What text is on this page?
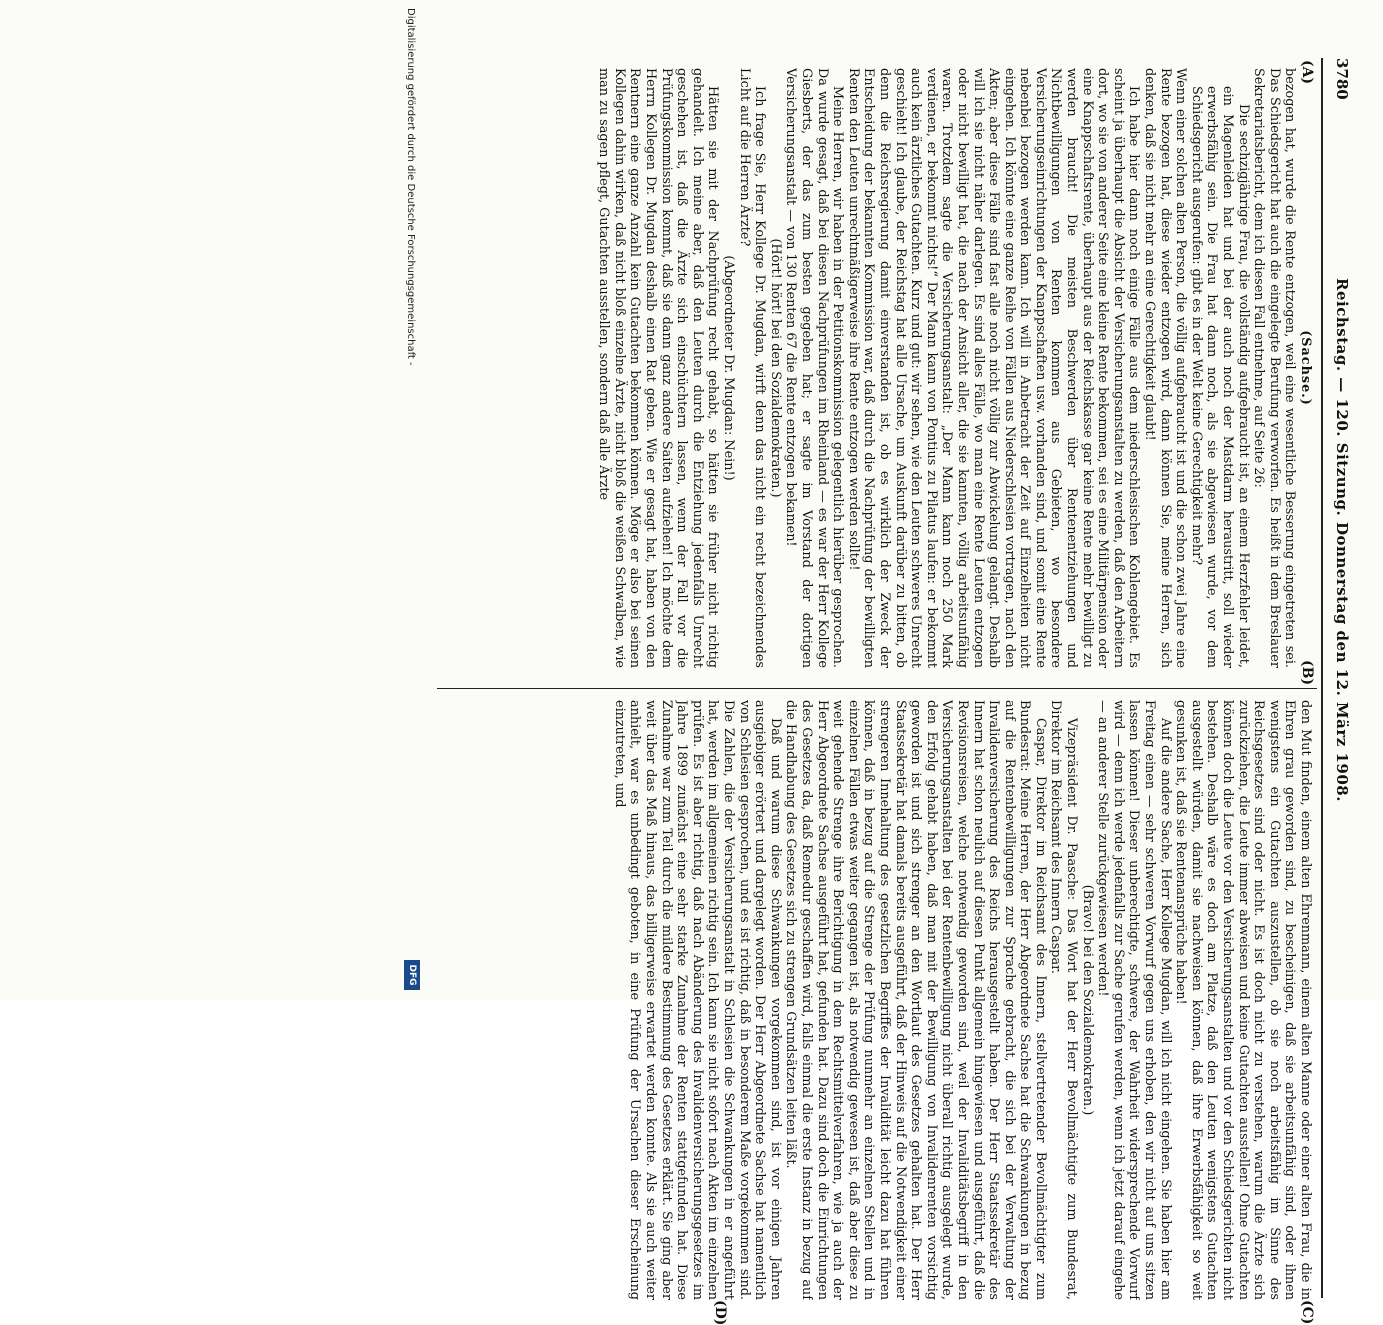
3780
Reichstag. — 120. Sitzung. Donnerstag den 12. März 1908.
(A)
(B)
(C)
(D)

(Sachse.)

bezogen hat, wurde die Rente entzogen, weil eine wesentliche Besserung eingetreten sei. Das Schiedsgericht hat auch die eingelegte Berufung verworfen. Es heißt in dem Breslauer Sekretariatsbericht, dem ich diesen Fall entnehme, auf Seite 26:

Die sechzigjährige Frau, die vollständig aufgebraucht ist, an einem Herzfehler leidet, ein Magenleiden hat und bei der auch noch der Mastdarm heraustritt, soll wieder erwerbsfähig sein. Die Frau hat dann noch, als sie abgewiesen wurde, vor dem Schiedsgericht ausgerufen: gibt es in der Welt keine Gerechtigkeit mehr?

Wenn einer solchen alten Person, die völlig aufgebraucht ist und die schon zwei Jahre eine Rente bezogen hat, diese wieder entzogen wird, dann können Sie, meine Herren, sich denken, daß sie nicht mehr an eine Gerechtigkeit glaubt!

Ich habe hier dann noch einige Fälle aus dem niederschlesischen Kohlengebiet. Es scheint ja überhaupt die Absicht der Versicherungsanstalten zu werden, daß den Arbeitern dort, wo sie von anderer Seite eine kleine Rente bekommen, sei es eine Militärpension oder eine Knappschaftsrente, überhaupt aus der Reichskasse gar keine Rente mehr bewilligt zu werden braucht! Die meisten Beschwerden über Rentenentziehungen und Nichtbewilligungen von Renten kommen aus Gebieten, wo besondere Versicherungseinrichtungen der Knappschaften usw. vorhanden sind, und somit eine Rente nebenbei bezogen werden kann. Ich will in Anbetracht der Zeit auf Einzelheiten nicht eingehen. Ich könnte eine ganze Reihe von Fällen aus Niederschlesien vortragen, nach den Akten; aber diese Fälle sind fast alle noch nicht völlig zur Abwickelung gelangt. Deshalb will ich sie nicht näher darlegen. Es sind alles Fälle, wo man eine Rente Leuten entzogen oder nicht bewilligt hat, die nach der Ansicht aller, die sie kannten, völlig arbeitsunfähig waren. Trotzdem sagte die Versicherungsanstalt: „Der Mann kann noch 250 Mark verdienen, er bekommt nichts!“ Der Mann kann von Pontius zu Pilatus laufen: er bekommt auch kein ärztliches Gutachten. Kurz und gut: wir sehen, wie den Leuten schweres Unrecht geschieht! Ich glaube, der Reichstag hat alle Ursache, um Auskunft darüber zu bitten, ob denn die Reichsregierung damit einverstanden ist, ob es wirklich der Zweck der Entscheidung der bekannten Kommission war, daß durch die Nachprüfung der bewilligten Renten den Leuten unrechtmäßigerweise ihre Rente entzogen werden sollte!

Meine Herren, wir haben in der Petitionskommission gelegentlich hierüber gesprochen. Da wurde gesagt, daß bei diesen Nachprüfungen im Rheinland — es war der Herr Kollege Giesberts, der das zum besten gegeben hat; er sagte im Vorstand der dortigen Versicherungsanstalt — von 130 Renten 67 die Rente entzogen bekamen!

(Hört! hört! bei den Sozialdemokraten.)

Ich frage Sie, Herr Kollege Dr. Mugdan, wirft denn das nicht ein recht bezeichnendes Licht auf die Herren Ärzte?

(Abgeordneter Dr. Mugdan: Nein!)

Hätten sie mit der Nachprüfung recht gehabt, so hätten sie früher nicht richtig gehandelt. Ich meine aber, daß den Leuten durch die Entziehung jedenfalls Unrecht geschehen ist, daß die Ärzte sich einschüchtern lassen, wenn der Fall vor die Prüfungskommission kommt, daß sie dann ganz andere Saiten aufziehen! Ich möchte dem Herrn Kollegen Dr. Mugdan deshalb einen Rat geben. Wie er gesagt hat, haben von den Rentnern eine ganze Anzahl kein Gutachten bekommen können. Möge er also bei seinen Kollegen dahin wirken, daß nicht bloß einzelne Ärzte, nicht bloß die weißen Schwalben, wie man zu sagen pflegt, Gutachten ausstellen, sondern daß alle Ärzte

den Mut finden, einem alten Ehrenmann, einem alten Manne oder einer alten Frau, die in Ehren grau geworden sind, zu bescheinigen, daß sie arbeitsunfähig sind, oder ihnen wenigstens ein Gutachten auszustellen, ob sie noch arbeitsfähig im Sinne des Reichsgesetzes sind oder nicht. Es ist doch nicht zu verstehen, warum die Ärzte sich zurückziehen, die Leute immer abweisen und keine Gutachten ausstellen! Ohne Gutachten können doch die Leute vor den Versicherungsanstalten und vor den Schiedsgerichten nicht bestehen. Deshalb wäre es doch am Platze, daß den Leuten wenigstens Gutachten ausgestellt würden, damit sie nachweisen können, daß ihre Erwerbsfähigkeit so weit gesunken ist, daß sie Rentenansprüche haben!

Auf die andere Sache, Herr Kollege Mugdan, will ich nicht eingehen. Sie haben hier am Freitag einen — sehr schweren Vorwurf gegen uns erhoben, den wir nicht auf uns sitzen lassen können! Dieser unberechtigte, schwere, der Wahrheit widersprechende Vorwurf wird — denn ich werde jedenfalls zur Sache gerufen werden, wenn ich jetzt darauf eingehe — an anderer Stelle zurückgewiesen werden!

(Bravo! bei den Sozialdemokraten.)

Vizepräsident Dr. Paasche: Das Wort hat der Herr Bevollmächtigte zum Bundesrat, Direktor im Reichsamt des Innern Caspar.

Caspar, Direktor im Reichsamt des Innern, stellvertretender Bevollmächtigter zum Bundesrat: Meine Herren, der Herr Abgeordnete Sachse hat die Schwankungen in bezug auf die Rentenbewilligungen zur Sprache gebracht, die sich bei der Verwaltung der Invalidenversicherung des Reichs herausgestellt haben. Der Herr Staatssekretär des Innern hat schon neulich auf diesen Punkt allgemein hingewiesen und ausgeführt, daß die Revisionsreisen, welche notwendig geworden sind, weil der Invaliditätsbegriff in den Versicherungsanstalten bei der Rentenbewilligung nicht überall richtig ausgelegt wurde, den Erfolg gehabt haben, daß man mit der Bewilligung von Invalidenrenten vorsichtig geworden ist und sich strenger an den Wortlaut des Gesetzes gehalten hat. Der Herr Staatssekretär hat damals bereits ausgeführt, daß der Hinweis auf die Notwendigkeit einer strengeren Innehaltung des gesetzlichen Begriffes der Invalidität leicht dazu hat führen können, daß in bezug auf die Strenge der Prüfung nunmehr an einzelnen Stellen und in einzelnen Fällen etwas weiter gegangen ist, als notwendig gewesen ist, daß aber diese zu weit gehende Strenge ihre Berichtigung in dem Rechtsmittelverfahren, wie ja auch der Herr Abgeordnete Sachse ausgeführt hat, gefunden hat. Dazu sind doch die Einrichtungen des Gesetzes da, daß Remedur geschaffen wird, falls einmal die erste Instanz in bezug auf die Handhabung des Gesetzes sich zu strengen Grundsätzen leiten läßt.

Daß und warum diese Schwankungen vorgekommen sind, ist vor einigen Jahren ausgiebiger erörtert und dargelegt worden. Der Herr Abgeordnete Sachse hat namentlich von Schlesien gesprochen, und es ist richtig, daß in besonderem Maße vorgekommen sind. Die Zahlen, die der Versicherungsanstalt in Schlesien die Schwankungen in er angeführt hat, werden im allgemeinen richtig sein. Ich kann sie nicht sofort nach Akten im einzelnen prüfen. Es ist aber richtig, daß nach Abänderung des Invalidenversicherungsgesetzes im Jahre 1899 zunächst eine sehr starke Zunahme der Renten stattgefunden hat. Diese Zunahme war zum Teil durch die mildere Bestimmung des Gesetzes erklärt. Sie ging aber weit über das Maß hinaus, das billigerweise erwartet werden konnte. Als sie auch weiter anhielt, war es unbedingt geboten, in eine Prüfung der Ursachen dieser Erscheinung einzutreten, und

Digitalisierung gefördert durch die Deutsche Forschungsgemeinschaft -
DFG
